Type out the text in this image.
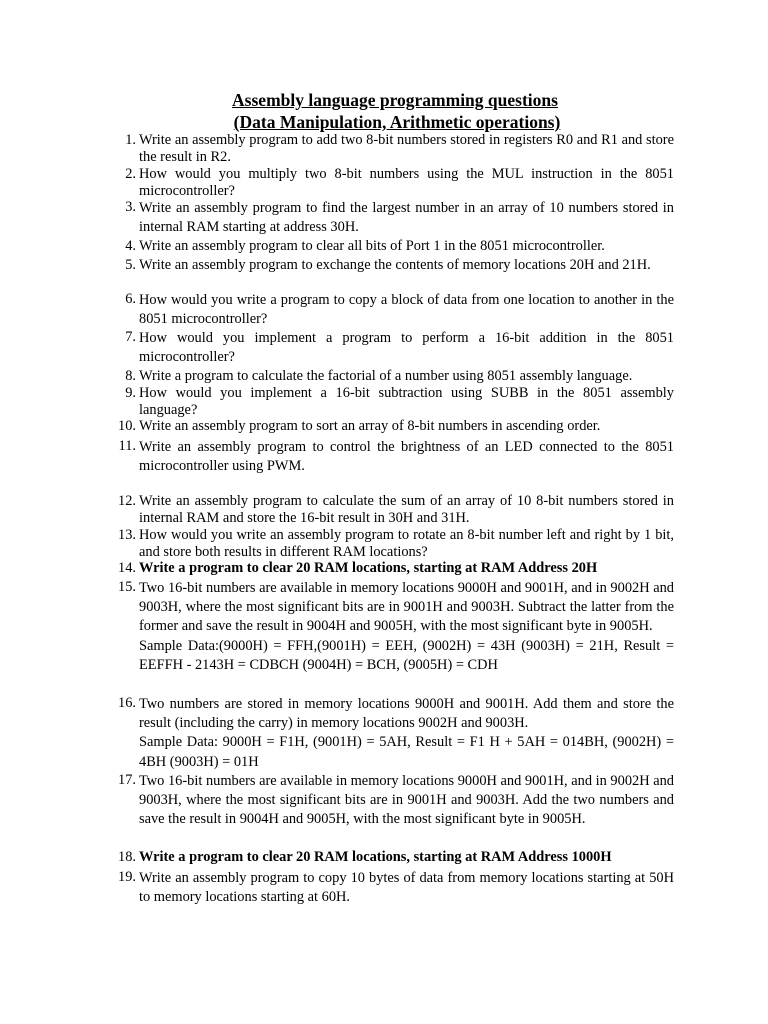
Assembly language programming questions
(Data Manipulation, Arithmetic operations)
1. Write an assembly program to add two 8-bit numbers stored in registers R0 and R1 and store the result in R2.
2. How would you multiply two 8-bit numbers using the MUL instruction in the 8051 microcontroller?
3. Write an assembly program to find the largest number in an array of 10 numbers stored in internal RAM starting at address 30H.
4. Write an assembly program to clear all bits of Port 1 in the 8051 microcontroller.
5. Write an assembly program to exchange the contents of memory locations 20H and 21H.
6. How would you write a program to copy a block of data from one location to another in the 8051 microcontroller?
7. How would you implement a program to perform a 16-bit addition in the 8051 microcontroller?
8. Write a program to calculate the factorial of a number using 8051 assembly language.
9. How would you implement a 16-bit subtraction using SUBB in the 8051 assembly language?
10. Write an assembly program to sort an array of 8-bit numbers in ascending order.
11. Write an assembly program to control the brightness of an LED connected to the 8051 microcontroller using PWM.
12. Write an assembly program to calculate the sum of an array of 10 8-bit numbers stored in internal RAM and store the 16-bit result in 30H and 31H.
13. How would you write an assembly program to rotate an 8-bit number left and right by 1 bit, and store both results in different RAM locations?
14. Write a program to clear 20 RAM locations, starting at RAM Address 20H
15. Two 16-bit numbers are available in memory locations 9000H and 9001H, and in 9002H and 9003H, where the most significant bits are in 9001H and 9003H. Subtract the latter from the former and save the result in 9004H and 9005H, with the most significant byte in 9005H.
Sample Data:(9000H) = FFH,(9001H) = EEH, (9002H) = 43H (9003H) = 21H, Result = EEFFH - 2143H = CDBCH (9004H) = BCH, (9005H) = CDH
16. Two numbers are stored in memory locations 9000H and 9001H. Add them and store the result (including the carry) in memory locations 9002H and 9003H.
Sample Data: 9000H = F1H, (9001H) = 5AH, Result = F1 H + 5AH = 014BH, (9002H) = 4BH (9003H) = 01H
17. Two 16-bit numbers are available in memory locations 9000H and 9001H, and in 9002H and 9003H, where the most significant bits are in 9001H and 9003H. Add the two numbers and save the result in 9004H and 9005H, with the most significant byte in 9005H.
18. Write a program to clear 20 RAM locations, starting at RAM Address 1000H
19. Write an assembly program to copy 10 bytes of data from memory locations starting at 50H to memory locations starting at 60H.
